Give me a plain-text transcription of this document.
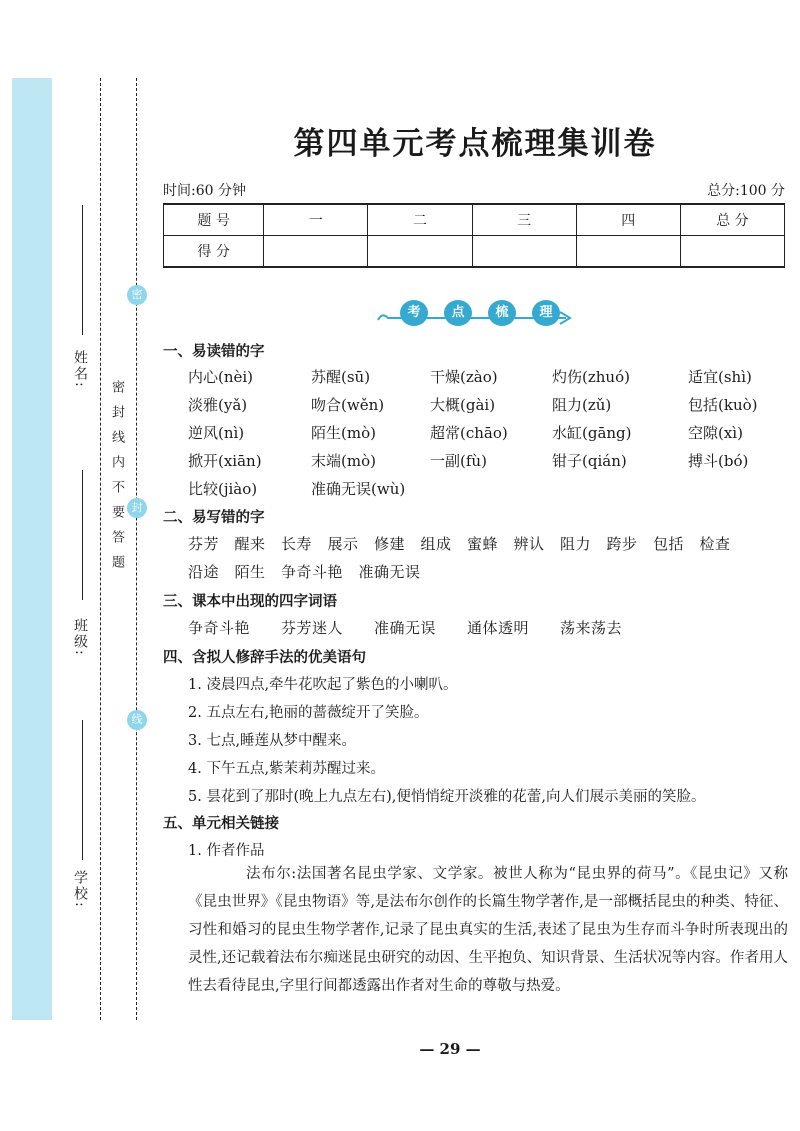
姓名:
班级:
学校:
密封线内不要答题
密
封
线
第四单元考点梳理集训卷
时间:60 分钟	总分:100 分
题 号	一	二	三	四	总 分
得 分					
考	点	梳	理
一、易读错的字
内心(nèi)	苏醒(sū)	干燥(zào)	灼伤(zhuó)	适宜(shì)
淡雅(yǎ)	吻合(wěn)	大概(gài)	阻力(zǔ)	包括(kuò)
逆风(nì)	陌生(mò)	超常(chāo)	水缸(gāng)	空隙(xì)
掀开(xiān)	末端(mò)	一副(fù)	钳子(qián)	搏斗(bó)
比较(jiào)	准确无误(wù)
二、易写错的字
芬芳　醒来　长寿　展示　修建　组成　蜜蜂　辨认　阻力　跨步　包括　检查
沿途　陌生　争奇斗艳　准确无误
三、课本中出现的四字词语
争奇斗艳　　芬芳迷人　　准确无误　　通体透明　　荡来荡去
四、含拟人修辞手法的优美语句
1. 凌晨四点,牵牛花吹起了紫色的小喇叭。
2. 五点左右,艳丽的蔷薇绽开了笑脸。
3. 七点,睡莲从梦中醒来。
4. 下午五点,紫茉莉苏醒过来。
5. 昙花到了那时(晚上九点左右),便悄悄绽开淡雅的花蕾,向人们展示美丽的笑脸。
五、单元相关链接
1. 作者作品
法布尔:法国著名昆虫学家、文学家。被世人称为“昆虫界的荷马”。《昆虫记》又称《昆虫世界》《昆虫物语》等,是法布尔创作的长篇生物学著作,是一部概括昆虫的种类、特征、习性和婚习的昆虫生物学著作,记录了昆虫真实的生活,表述了昆虫为生存而斗争时所表现出的灵性,还记载着法布尔痴迷昆虫研究的动因、生平抱负、知识背景、生活状况等内容。作者用人性去看待昆虫,字里行间都透露出作者对生命的尊敬与热爱。
— 29 —
